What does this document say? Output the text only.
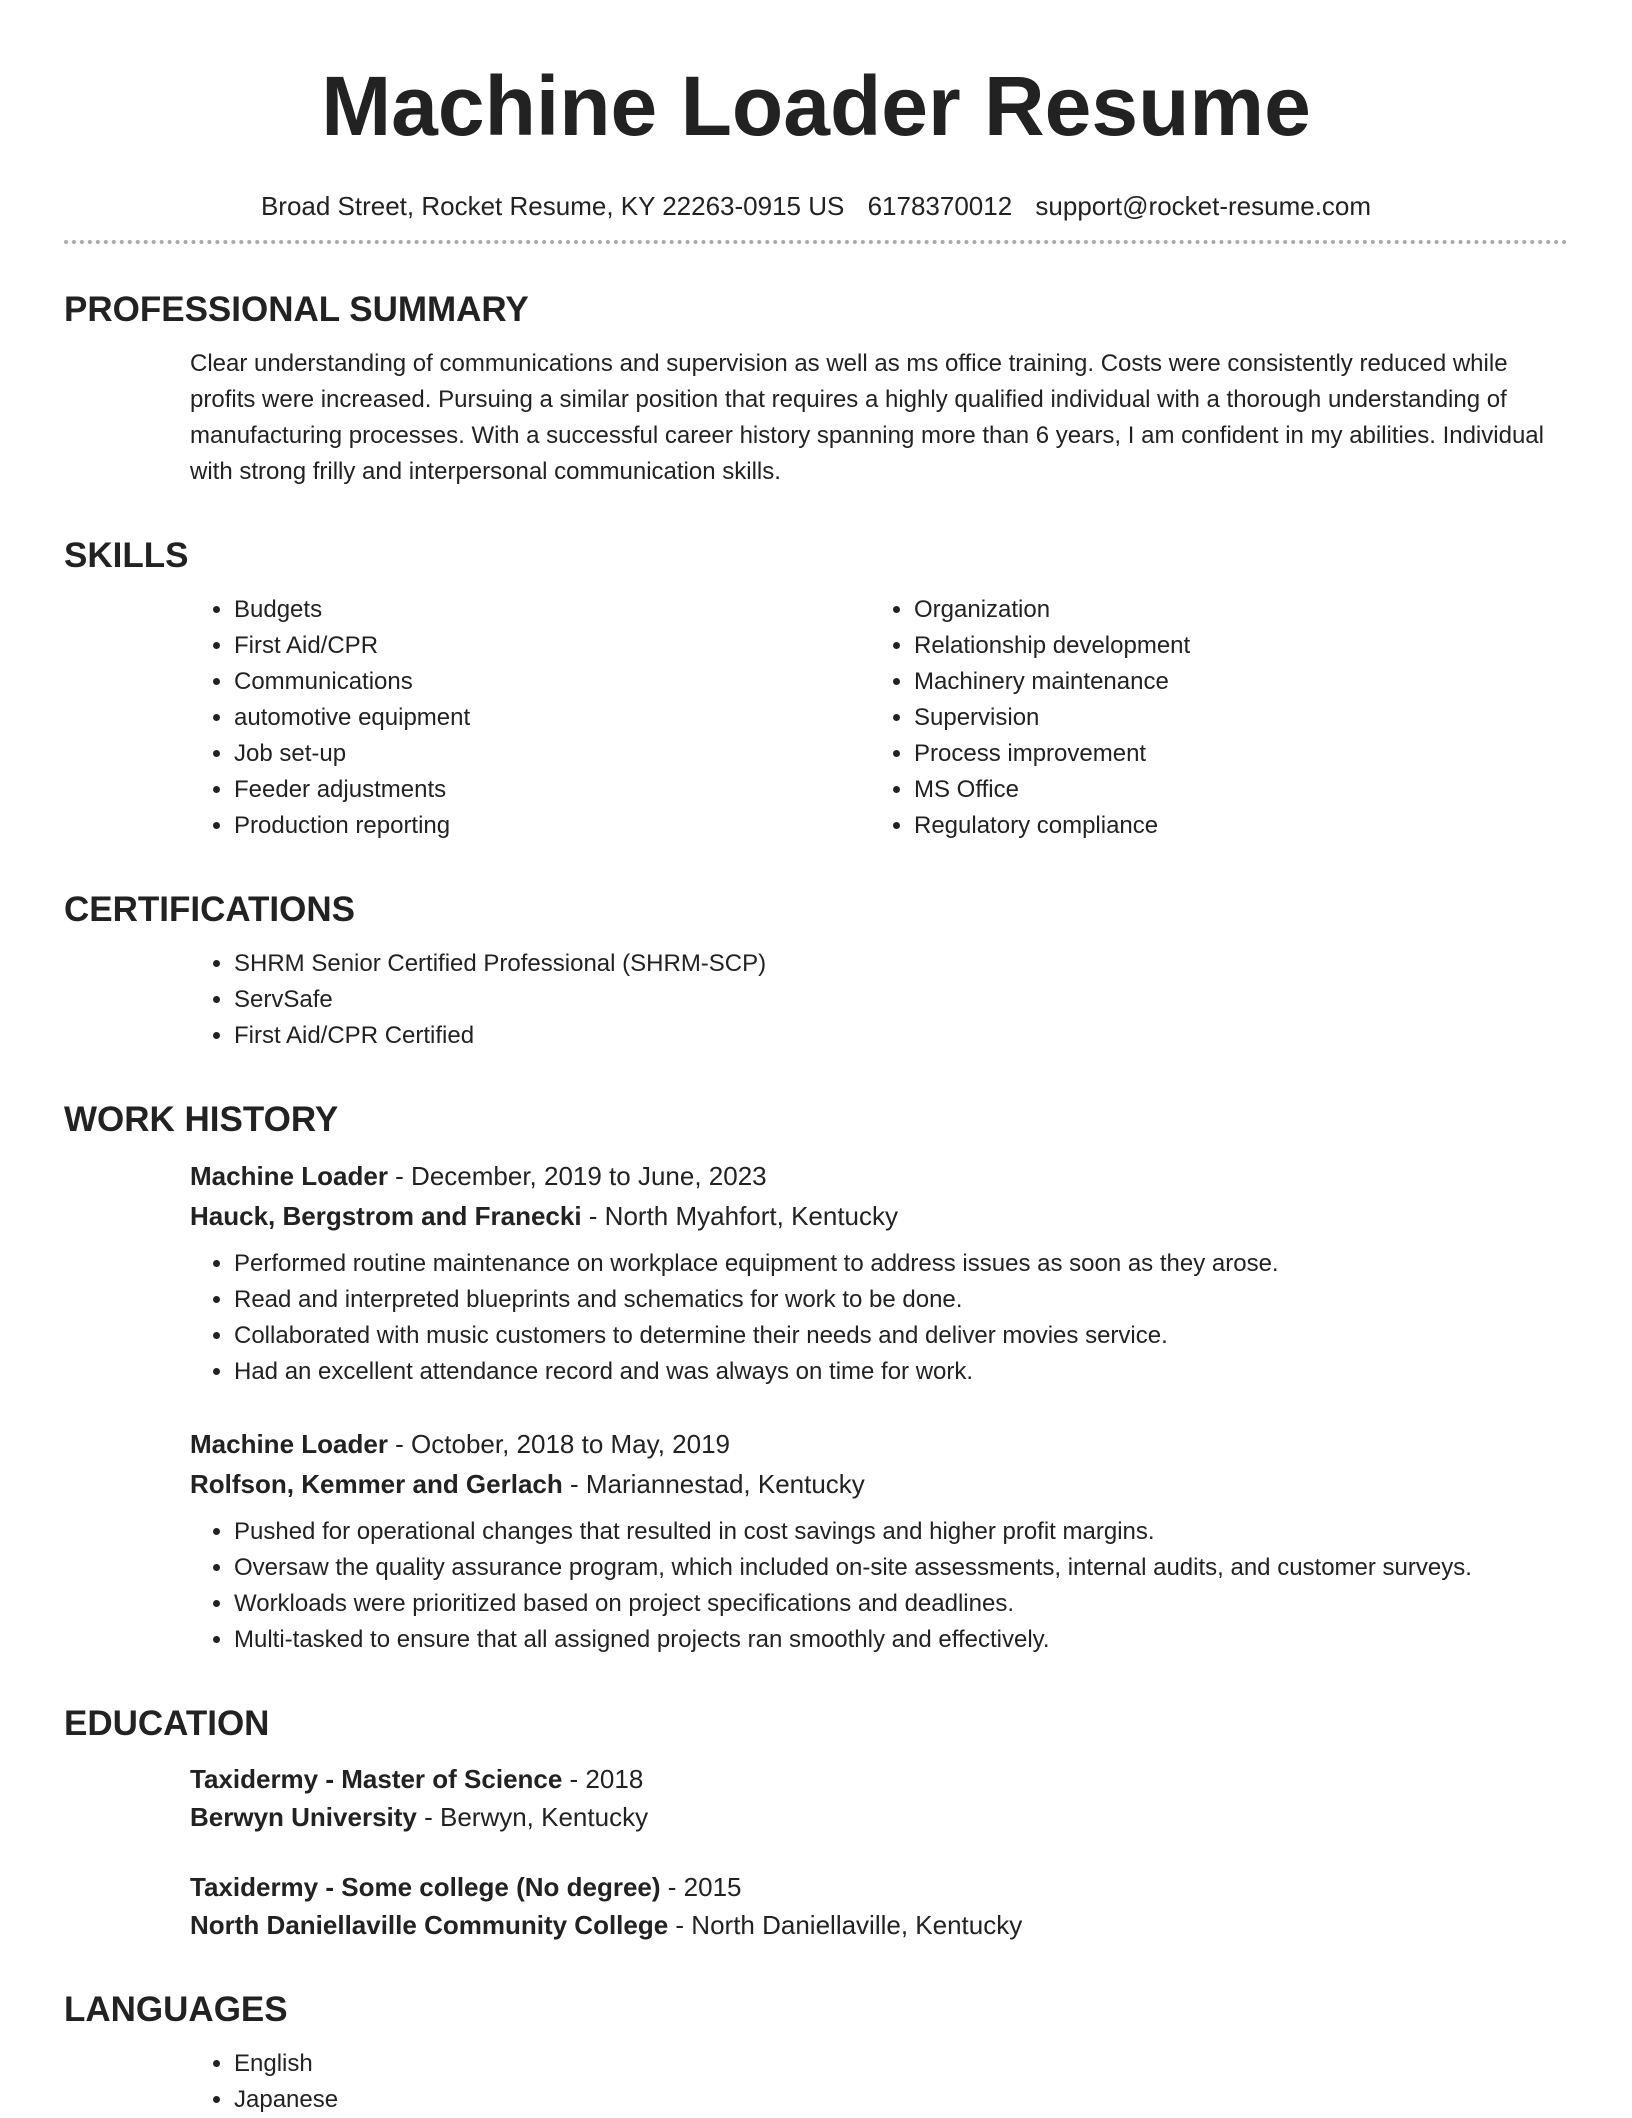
Machine Loader Resume
Broad Street, Rocket Resume, KY 22263-0915 US 6178370012 support@rocket-resume.com
PROFESSIONAL SUMMARY
Clear understanding of communications and supervision as well as ms office training. Costs were consistently reduced while profits were increased. Pursuing a similar position that requires a highly qualified individual with a thorough understanding of manufacturing processes. With a successful career history spanning more than 6 years, I am confident in my abilities. Individual with strong frilly and interpersonal communication skills.
SKILLS
• Budgets
• First Aid/CPR
• Communications
• automotive equipment
• Job set-up
• Feeder adjustments
• Production reporting
• Organization
• Relationship development
• Machinery maintenance
• Supervision
• Process improvement
• MS Office
• Regulatory compliance
CERTIFICATIONS
• SHRM Senior Certified Professional (SHRM-SCP)
• ServSafe
• First Aid/CPR Certified
WORK HISTORY
Machine Loader - December, 2019 to June, 2023
Hauck, Bergstrom and Franecki - North Myahfort, Kentucky
• Performed routine maintenance on workplace equipment to address issues as soon as they arose.
• Read and interpreted blueprints and schematics for work to be done.
• Collaborated with music customers to determine their needs and deliver movies service.
• Had an excellent attendance record and was always on time for work.
Machine Loader - October, 2018 to May, 2019
Rolfson, Kemmer and Gerlach - Mariannestad, Kentucky
• Pushed for operational changes that resulted in cost savings and higher profit margins.
• Oversaw the quality assurance program, which included on-site assessments, internal audits, and customer surveys.
• Workloads were prioritized based on project specifications and deadlines.
• Multi-tasked to ensure that all assigned projects ran smoothly and effectively.
EDUCATION
Taxidermy - Master of Science - 2018
Berwyn University - Berwyn, Kentucky
Taxidermy - Some college (No degree) - 2015
North Daniellaville Community College - North Daniellaville, Kentucky
LANGUAGES
• English
• Japanese
